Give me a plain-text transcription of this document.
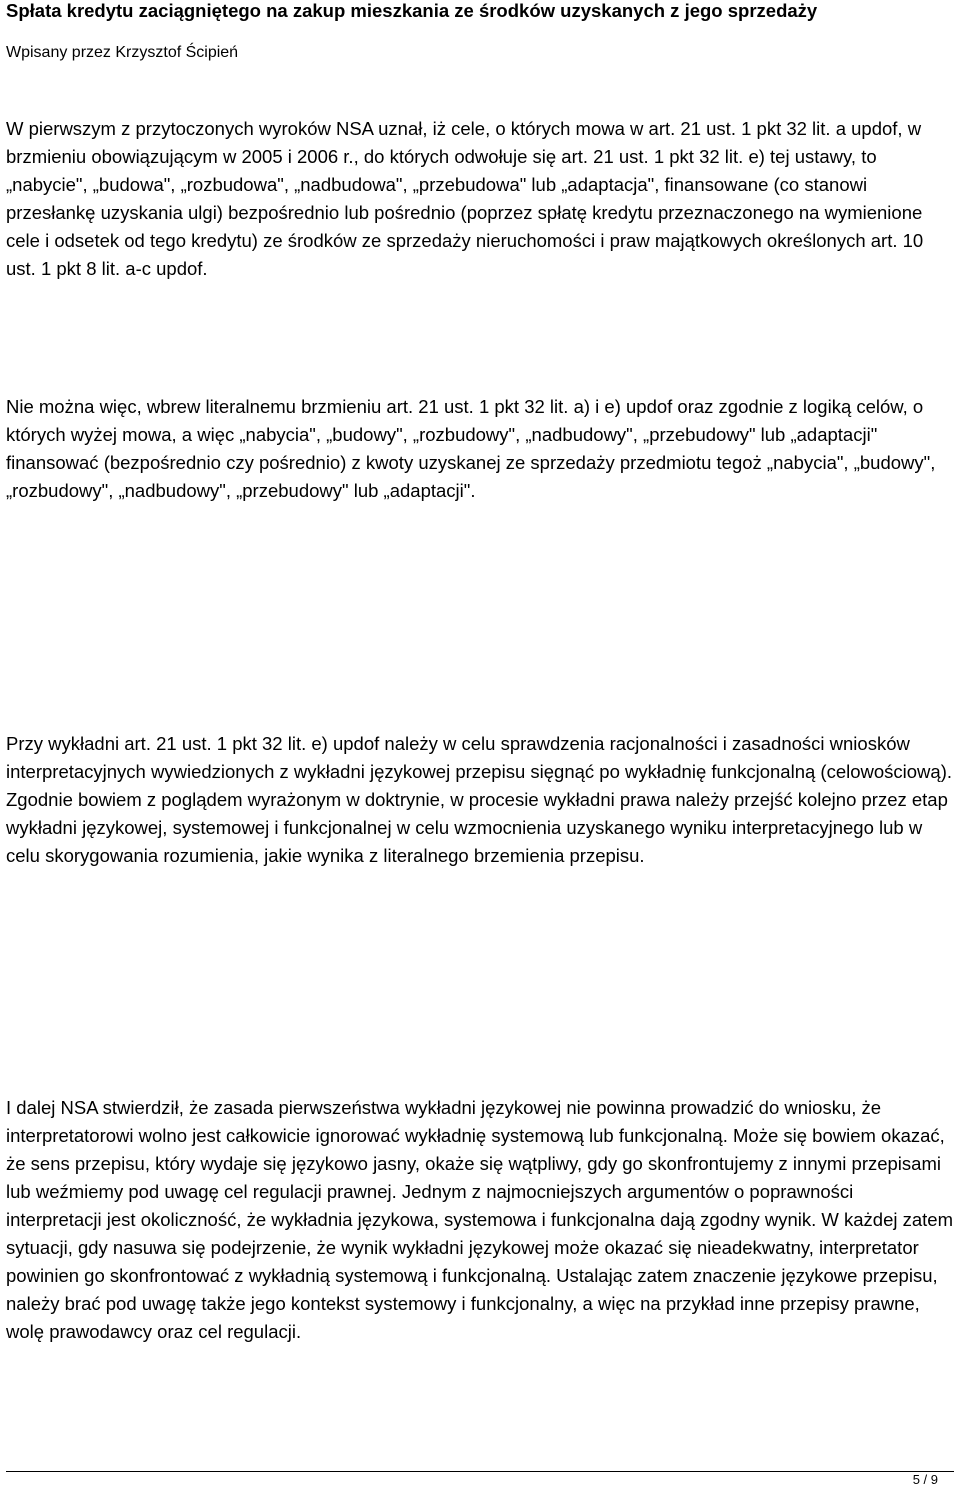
Spłata kredytu zaciągniętego na zakup mieszkania ze środków uzyskanych z jego sprzedaży
Wpisany przez Krzysztof Ścipień

W pierwszym z przytoczonych wyroków NSA uznał, iż cele, o których mowa w art. 21 ust. 1 pkt 32 lit. a updof, w brzmieniu obowiązującym w 2005 i 2006 r., do których odwołuje się art. 21 ust. 1 pkt 32 lit. e) tej ustawy, to „nabycie", „budowa", „rozbudowa", „nadbudowa", „przebudowa" lub „adaptacja", finansowane (co stanowi przesłankę uzyskania ulgi) bezpośrednio lub pośrednio (poprzez spłatę kredytu przeznaczonego na wymienione cele i odsetek od tego kredytu) ze środków ze sprzedaży nieruchomości i praw majątkowych określonych art. 10 ust. 1 pkt 8 lit. a-c updof.

Nie można więc, wbrew literalnemu brzmieniu art. 21 ust. 1 pkt 32 lit. a) i e) updof oraz zgodnie z logiką celów, o których wyżej mowa, a więc „nabycia", „budowy", „rozbudowy", „nadbudowy", „przebudowy" lub „adaptacji" finansować (bezpośrednio czy pośrednio) z kwoty uzyskanej ze sprzedaży przedmiotu tegoż „nabycia", „budowy", „rozbudowy", „nadbudowy", „przebudowy" lub „adaptacji".

Przy wykładni art. 21 ust. 1 pkt 32 lit. e) updof należy w celu sprawdzenia racjonalności i zasadności wniosków interpretacyjnych wywiedzionych z wykładni językowej przepisu sięgnąć po wykładnię funkcjonalną (celowościową). Zgodnie bowiem z poglądem wyrażonym w doktrynie, w procesie wykładni prawa należy przejść kolejno przez etap wykładni językowej, systemowej i funkcjonalnej w celu wzmocnienia uzyskanego wyniku interpretacyjnego lub w celu skorygowania rozumienia, jakie wynika z literalnego brzemienia przepisu.

I dalej NSA stwierdził, że zasada pierwszeństwa wykładni językowej nie powinna prowadzić do wniosku, że interpretatorowi wolno jest całkowicie ignorować wykładnię systemową lub funkcjonalną. Może się bowiem okazać, że sens przepisu, który wydaje się językowo jasny, okaże się wątpliwy, gdy go skonfrontujemy z innymi przepisami lub weźmiemy pod uwagę cel regulacji prawnej. Jednym z najmocniejszych argumentów o poprawności interpretacji jest okoliczność, że wykładnia językowa, systemowa i funkcjonalna dają zgodny wynik. W każdej zatem sytuacji, gdy nasuwa się podejrzenie, że wynik wykładni językowej może okazać się nieadekwatny, interpretator powinien go skonfrontować z wykładnią systemową i funkcjonalną. Ustalając zatem znaczenie językowe przepisu, należy brać pod uwagę także jego kontekst systemowy i funkcjonalny, a więc na przykład inne przepisy prawne, wolę prawodawcy oraz cel regulacji.

5 / 9
